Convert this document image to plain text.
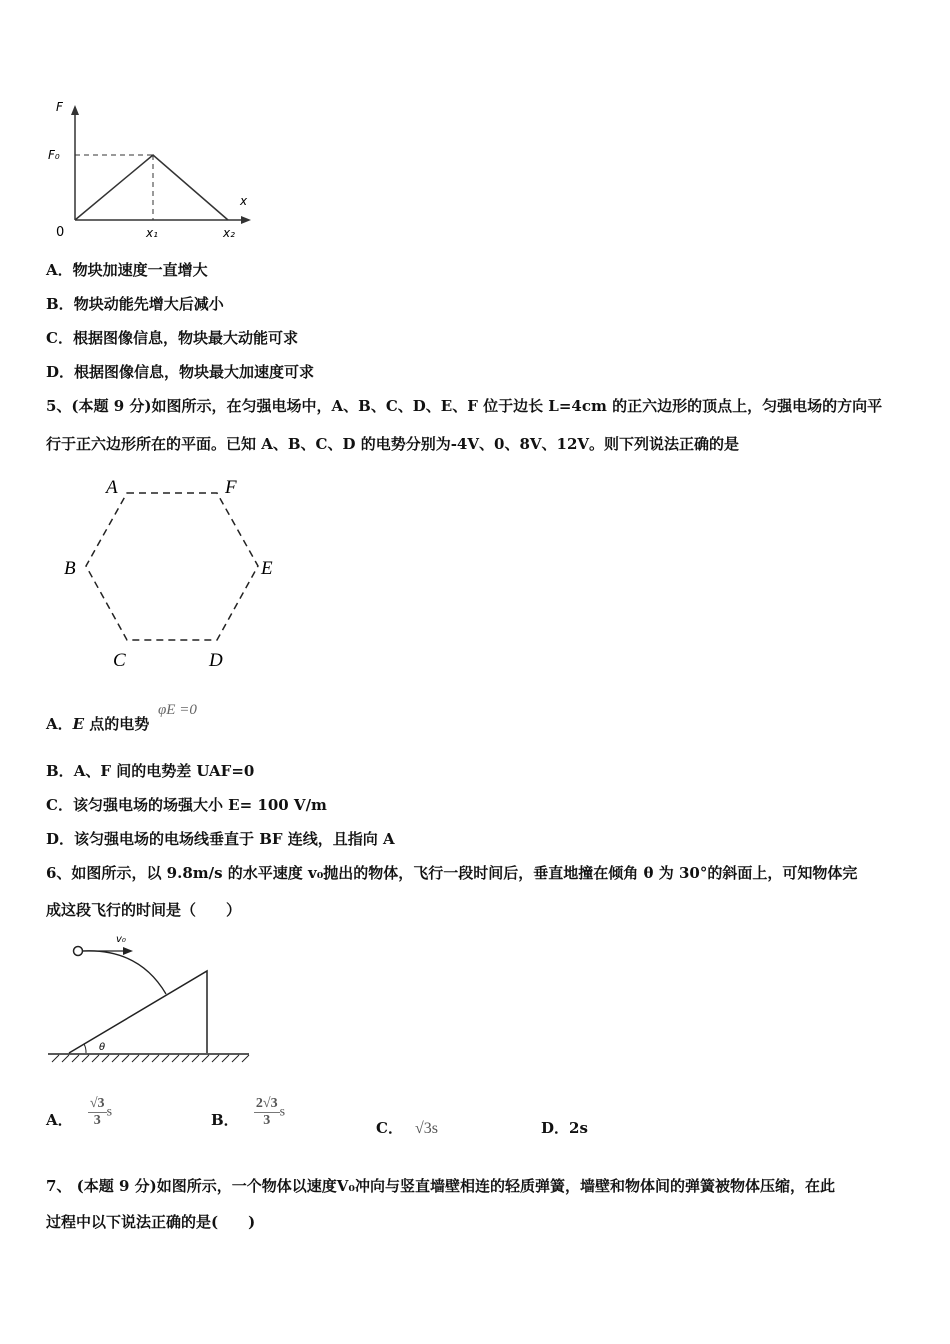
F
F₀
x
0	x₁	x₂
A．物块加速度一直增大
B．物块动能先增大后减小
C．根据图像信息，物块最大动能可求
D．根据图像信息，物块最大加速度可求
5、(本题 9 分)如图所示，在匀强电场中，A、B、C、D、E、F 位于边长 L=4cm 的正六边形的顶点上，匀强电场的方向平
行于正六边形所在的平面。已知 A、B、C、D 的电势分别为-4V、0、8V、12V。则下列说法正确的是
A	F
B	E
C	D
A．E 点的电势
φE =0
B．A、F 间的电势差 UAF=0
C．该匀强电场的场强大小 E= 100 V/m
D．该匀强电场的电场线垂直于 BF 连线，且指向 A
6、如图所示，以 9.8m/s 的水平速度 v₀抛出的物体，飞行一段时间后，垂直地撞在倾角 θ 为 30°的斜面上，可知物体完
成这段飞行的时间是（　　）
v₀
θ
A． $\frac{√3}{3}$ s	B． $\frac{2√3}{3}$ s
C． √3s	D．2s
7、 (本题 9 分)如图所示，一个物体以速度V₀冲向与竖直墙壁相连的轻质弹簧，墙壁和物体间的弹簧被物体压缩，在此
过程中以下说法正确的是(　　)
